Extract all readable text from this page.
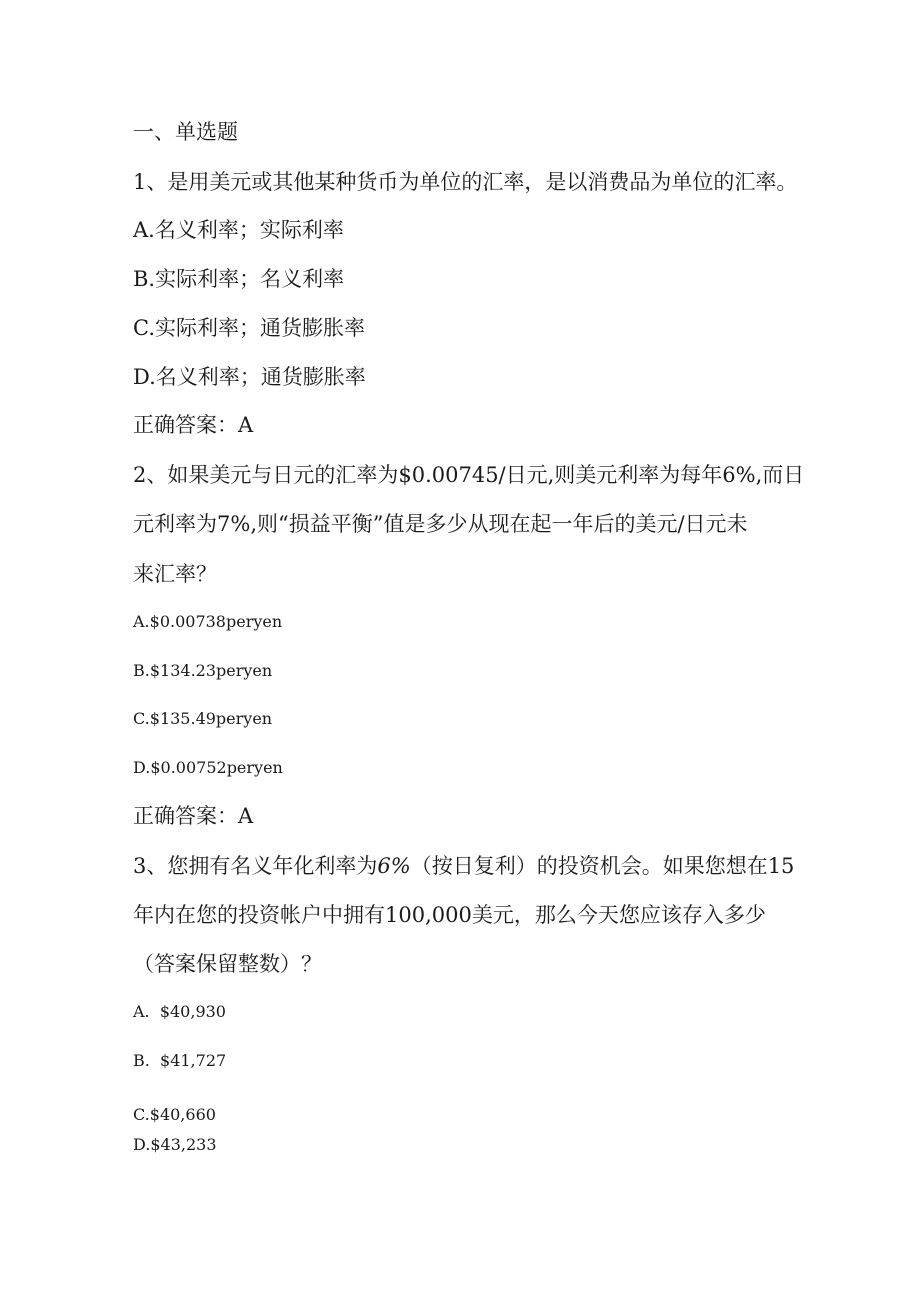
一、单选题
1、是用美元或其他某种货币为单位的汇率，是以消费品为单位的汇率。
A.名义利率；实际利率
B.实际利率；名义利率
C.实际利率；通货膨胀率
D.名义利率；通货膨胀率
正确答案：A
2、如果美元与日元的汇率为$0.00745/日元,则美元利率为每年6%,而日
元利率为7%,则“损益平衡”值是多少从现在起一年后的美元/日元未
来汇率？
A.$0.00738peryen
B.$134.23peryen
C.$135.49peryen
D.$0.00752peryen
正确答案：A
3、您拥有名义年化利率为6%（按日复利）的投资机会。如果您想在15
年内在您的投资帐户中拥有100,000美元，那么今天您应该存入多少
（答案保留整数）？
A.  $40,930
B.  $41,727
C.$40,660
D.$43,233
